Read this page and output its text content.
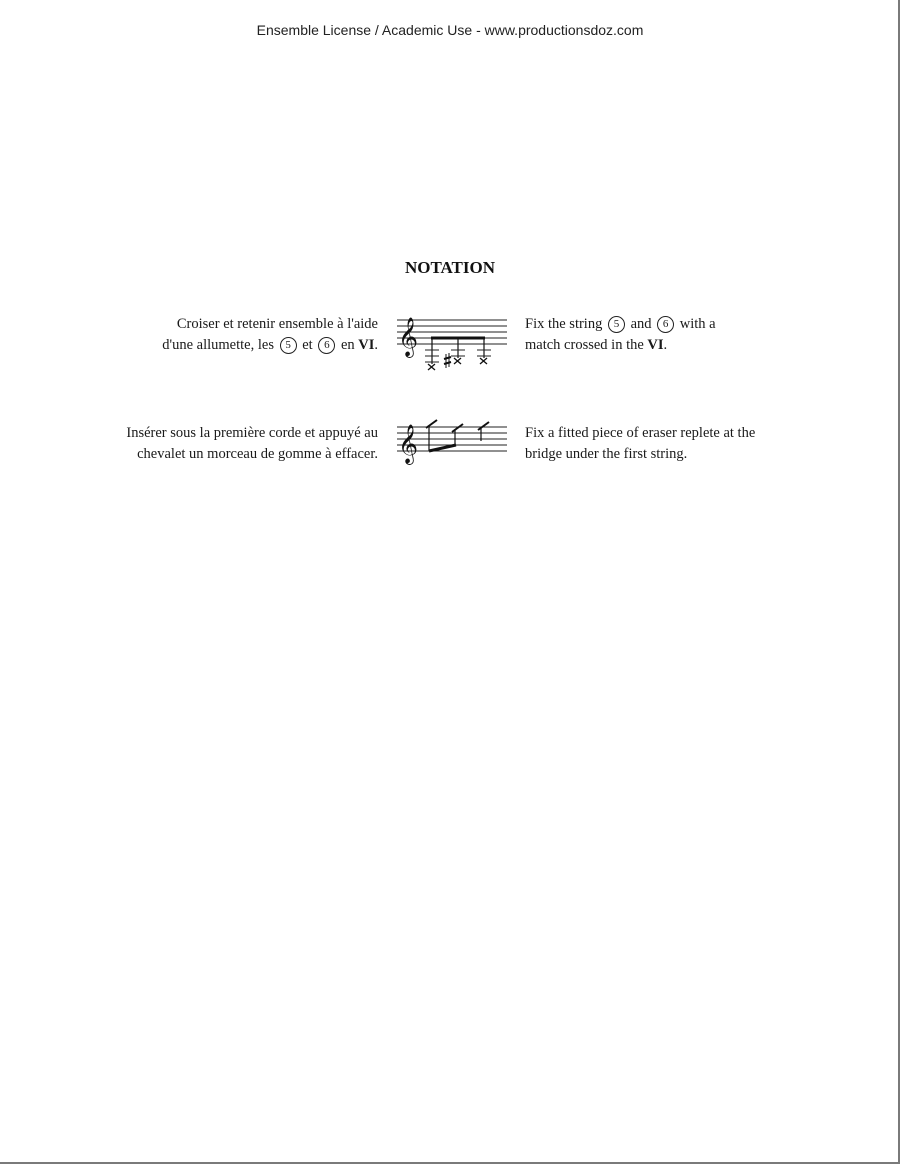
Ensemble License / Academic Use - www.productionsdoz.com
NOTATION
Croiser et retenir ensemble à l'aide
d'une allumette, les 5 et 6 en VI. 𝄞	Fix the string 5 and 6 with a
match crossed in the VI.
Insérer sous la première corde et appuyé au
chevalet un morceau de gomme à effacer. 𝄞	Fix a fitted piece of eraser replete at the
bridge under the first string.
